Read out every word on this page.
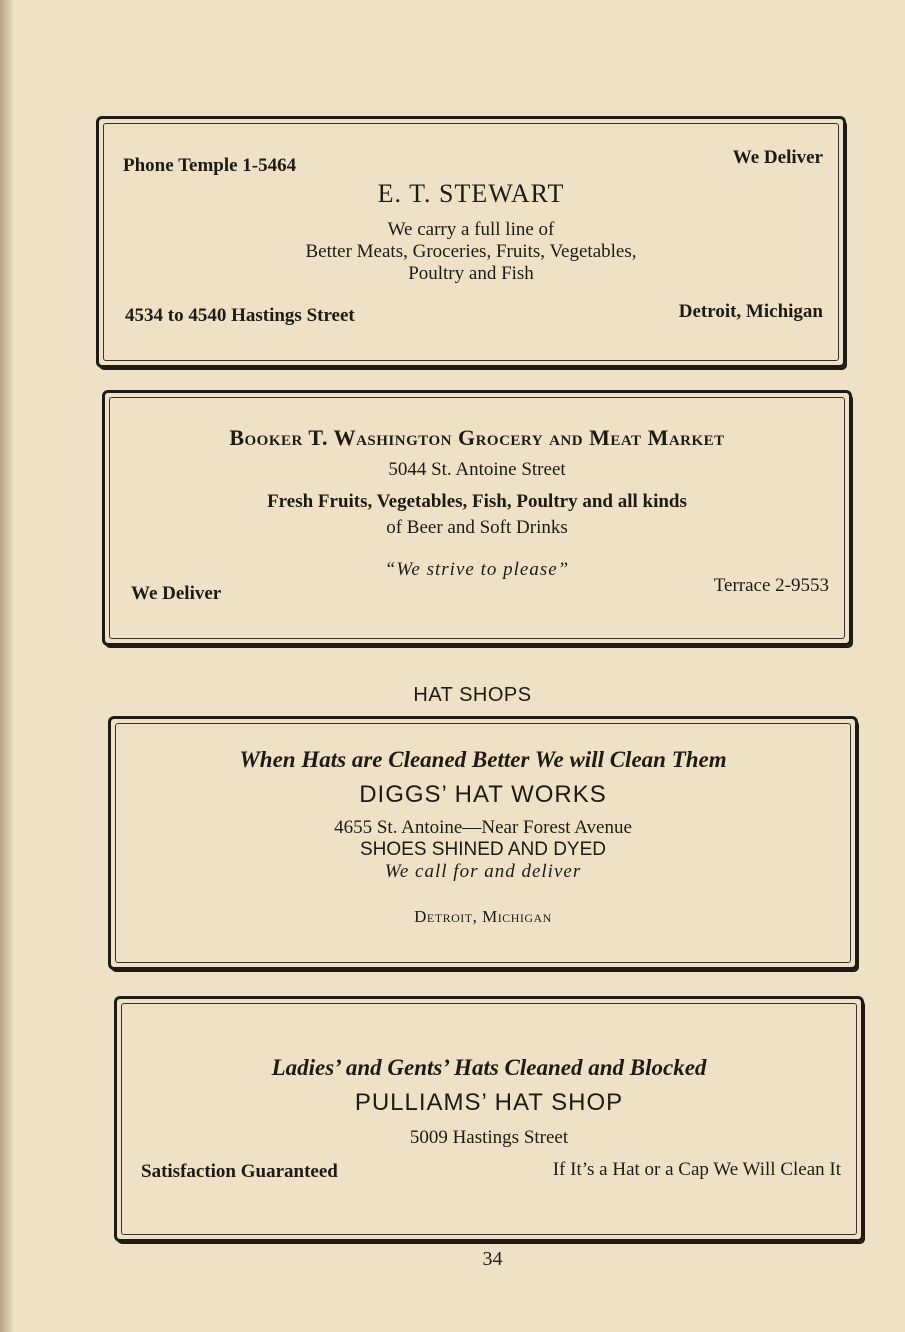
Phone Temple 1-5464	We Deliver
E. T. STEWART
We carry a full line of
Better Meats, Groceries, Fruits, Vegetables,
Poultry and Fish
4534 to 4540 Hastings Street	Detroit, Michigan
Booker T. Washington Grocery and Meat Market
5044 St. Antoine Street
Fresh Fruits, Vegetables, Fish, Poultry and all kinds
of Beer and Soft Drinks
“We strive to please”
We Deliver	Terrace 2-9553
HAT SHOPS
When Hats are Cleaned Better We will Clean Them
DIGGS’ HAT WORKS
4655 St. Antoine—Near Forest Avenue
SHOES SHINED AND DYED
We call for and deliver
Detroit, Michigan
Ladies’ and Gents’ Hats Cleaned and Blocked
PULLIAMS’ HAT SHOP
5009 Hastings Street
Satisfaction Guaranteed	If It’s a Hat or a Cap We Will Clean It
34
